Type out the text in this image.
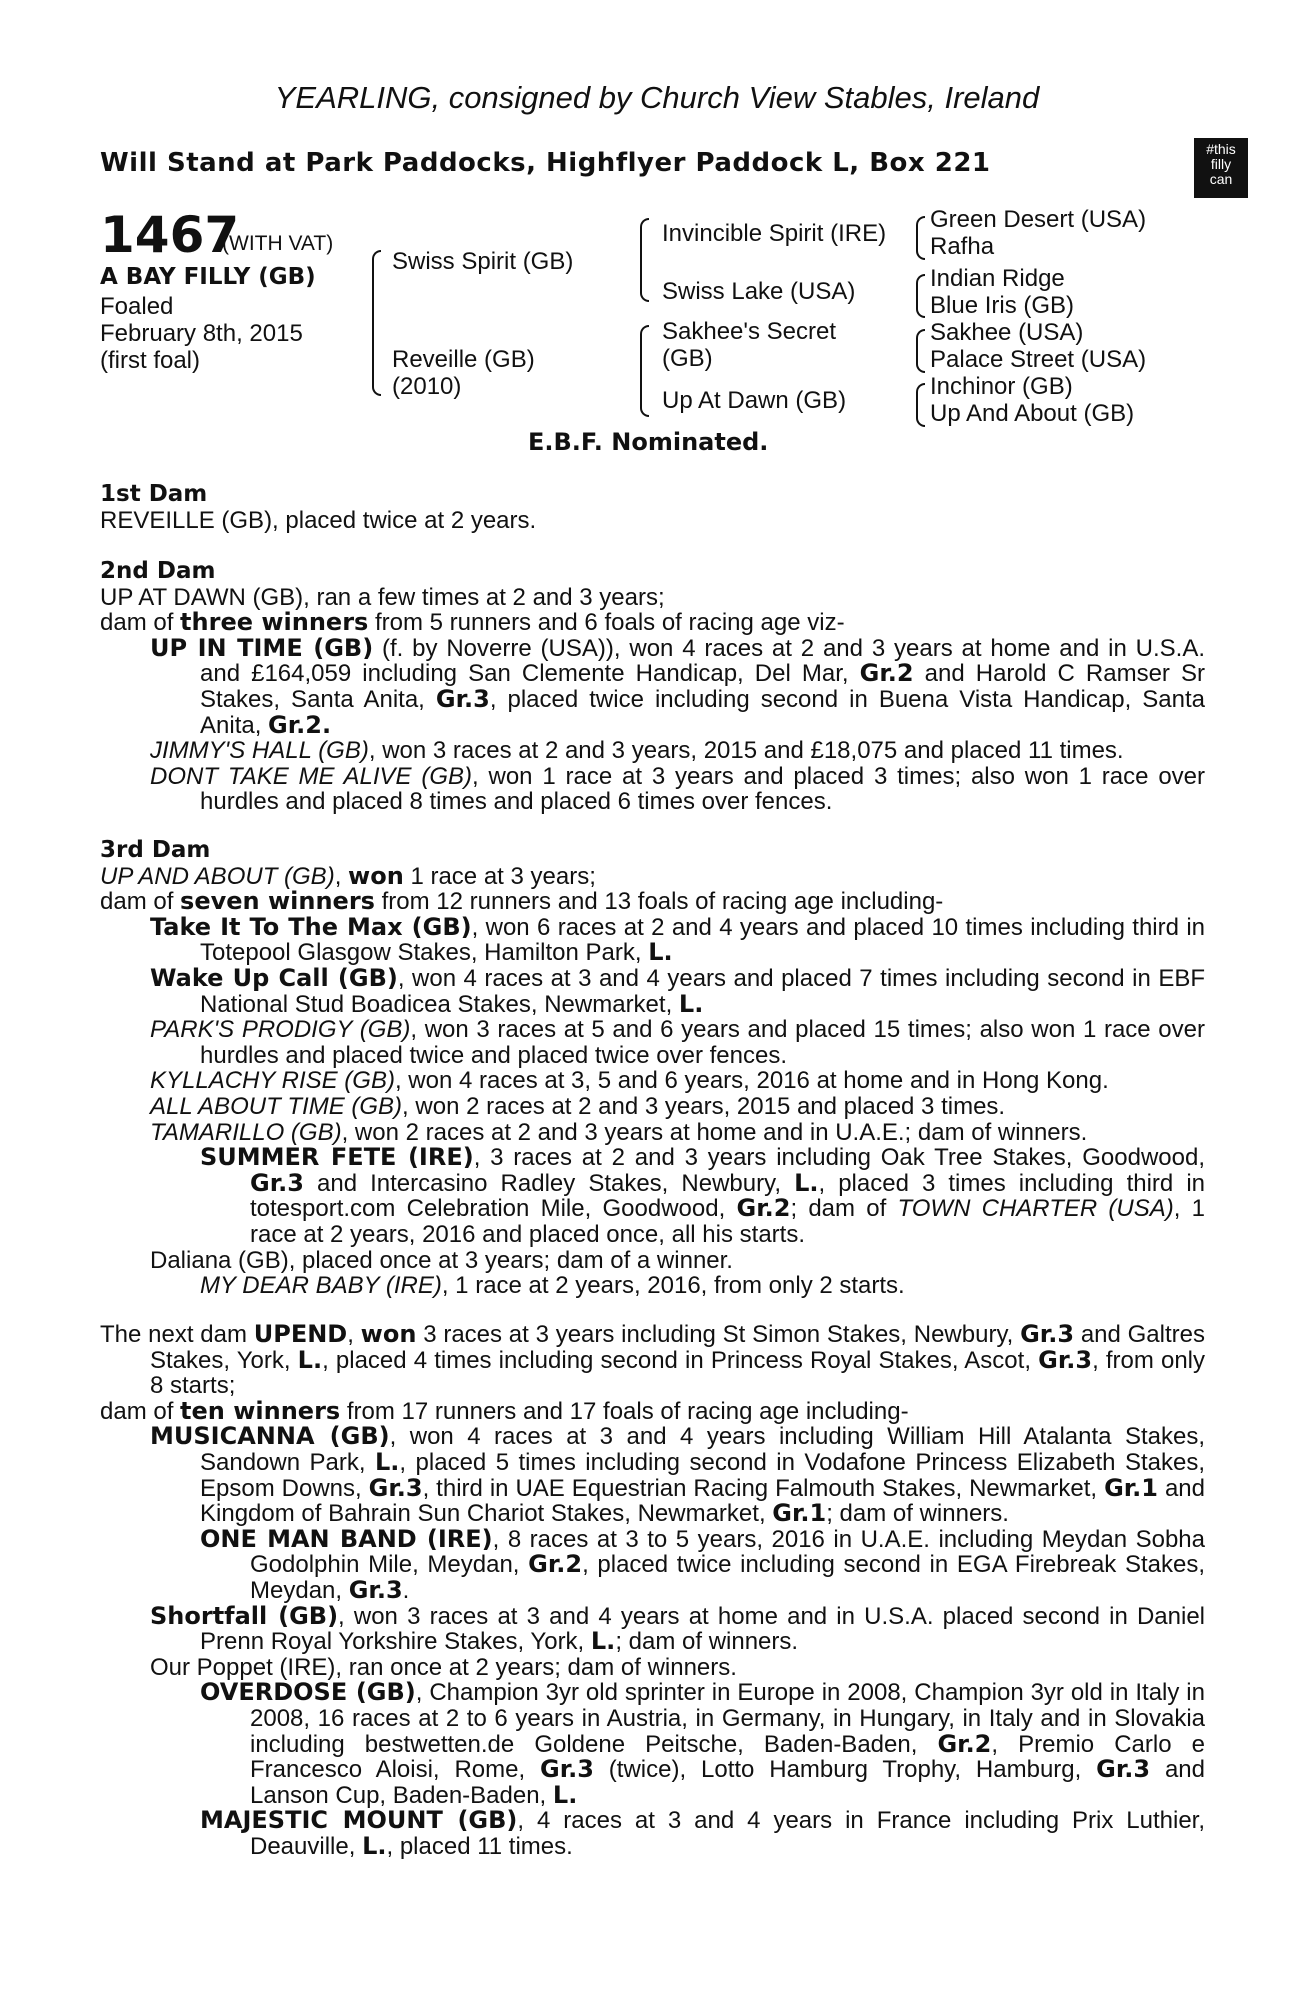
YEARLING, consigned by Church View Stables, Ireland
Will Stand at Park Paddocks, Highflyer Paddock L, Box 221	#this
filly
can
1467
(WITH VAT)
A BAY FILLY (GB)
Foaled
February 8th, 2015
(first foal)
Swiss Spirit (GB)
Reveille (GB)
(2010)
Invincible Spirit (IRE)
Swiss Lake (USA)
Sakhee's Secret
(GB)
Up At Dawn (GB)
Green Desert (USA)
Rafha
Indian Ridge
Blue Iris (GB)
Sakhee (USA)
Palace Street (USA)
Inchinor (GB)
Up And About (GB)
E.B.F. Nominated.

1st Dam

REVEILLE (GB), placed twice at 2 years.

2nd Dam

UP AT DAWN (GB), ran a few times at 2 and 3 years;

dam of three winners from 5 runners and 6 foals of racing age viz-

UP IN TIME (GB) (f. by Noverre (USA)), won 4 races at 2 and 3 years at home and in U.S.A. and £164,059 including San Clemente Handicap, Del Mar, Gr.2 and Harold C Ramser Sr Stakes, Santa Anita, Gr.3, placed twice including second in Buena Vista Handicap, Santa Anita, Gr.2.

JIMMY'S HALL (GB), won 3 races at 2 and 3 years, 2015 and £18,075 and placed 11 times.

DONT TAKE ME ALIVE (GB), won 1 race at 3 years and placed 3 times; also won 1 race over hurdles and placed 8 times and placed 6 times over fences.

3rd Dam

UP AND ABOUT (GB), won 1 race at 3 years;

dam of seven winners from 12 runners and 13 foals of racing age including-

Take It To The Max (GB), won 6 races at 2 and 4 years and placed 10 times including third in Totepool Glasgow Stakes, Hamilton Park, L.

Wake Up Call (GB), won 4 races at 3 and 4 years and placed 7 times including second in EBF National Stud Boadicea Stakes, Newmarket, L.

PARK'S PRODIGY (GB), won 3 races at 5 and 6 years and placed 15 times; also won 1 race over hurdles and placed twice and placed twice over fences.

KYLLACHY RISE (GB), won 4 races at 3, 5 and 6 years, 2016 at home and in Hong Kong.

ALL ABOUT TIME (GB), won 2 races at 2 and 3 years, 2015 and placed 3 times.

TAMARILLO (GB), won 2 races at 2 and 3 years at home and in U.A.E.; dam of winners.

SUMMER FETE (IRE), 3 races at 2 and 3 years including Oak Tree Stakes, Goodwood, Gr.3 and Intercasino Radley Stakes, Newbury, L., placed 3 times including third in totesport.com Celebration Mile, Goodwood, Gr.2; dam of TOWN CHARTER (USA), 1 race at 2 years, 2016 and placed once, all his starts.

Daliana (GB), placed once at 3 years; dam of a winner.

MY DEAR BABY (IRE), 1 race at 2 years, 2016, from only 2 starts.

The next dam UPEND, won 3 races at 3 years including St Simon Stakes, Newbury, Gr.3 and Galtres Stakes, York, L., placed 4 times including second in Princess Royal Stakes, Ascot, Gr.3, from only 8 starts;

dam of ten winners from 17 runners and 17 foals of racing age including-

MUSICANNA (GB), won 4 races at 3 and 4 years including William Hill Atalanta Stakes, Sandown Park, L., placed 5 times including second in Vodafone Princess Elizabeth Stakes, Epsom Downs, Gr.3, third in UAE Equestrian Racing Falmouth Stakes, Newmarket, Gr.1 and Kingdom of Bahrain Sun Chariot Stakes, Newmarket, Gr.1; dam of winners.

ONE MAN BAND (IRE), 8 races at 3 to 5 years, 2016 in U.A.E. including Meydan Sobha Godolphin Mile, Meydan, Gr.2, placed twice including second in EGA Firebreak Stakes, Meydan, Gr.3.

Shortfall (GB), won 3 races at 3 and 4 years at home and in U.S.A. placed second in Daniel Prenn Royal Yorkshire Stakes, York, L.; dam of winners.

Our Poppet (IRE), ran once at 2 years; dam of winners.

OVERDOSE (GB), Champion 3yr old sprinter in Europe in 2008, Champion 3yr old in Italy in 2008, 16 races at 2 to 6 years in Austria, in Germany, in Hungary, in Italy and in Slovakia including bestwetten.de Goldene Peitsche, Baden-Baden, Gr.2, Premio Carlo e Francesco Aloisi, Rome, Gr.3 (twice), Lotto Hamburg Trophy, Hamburg, Gr.3 and Lanson Cup, Baden-Baden, L.

MAJESTIC MOUNT (GB), 4 races at 3 and 4 years in France including Prix Luthier, Deauville, L., placed 11 times.
